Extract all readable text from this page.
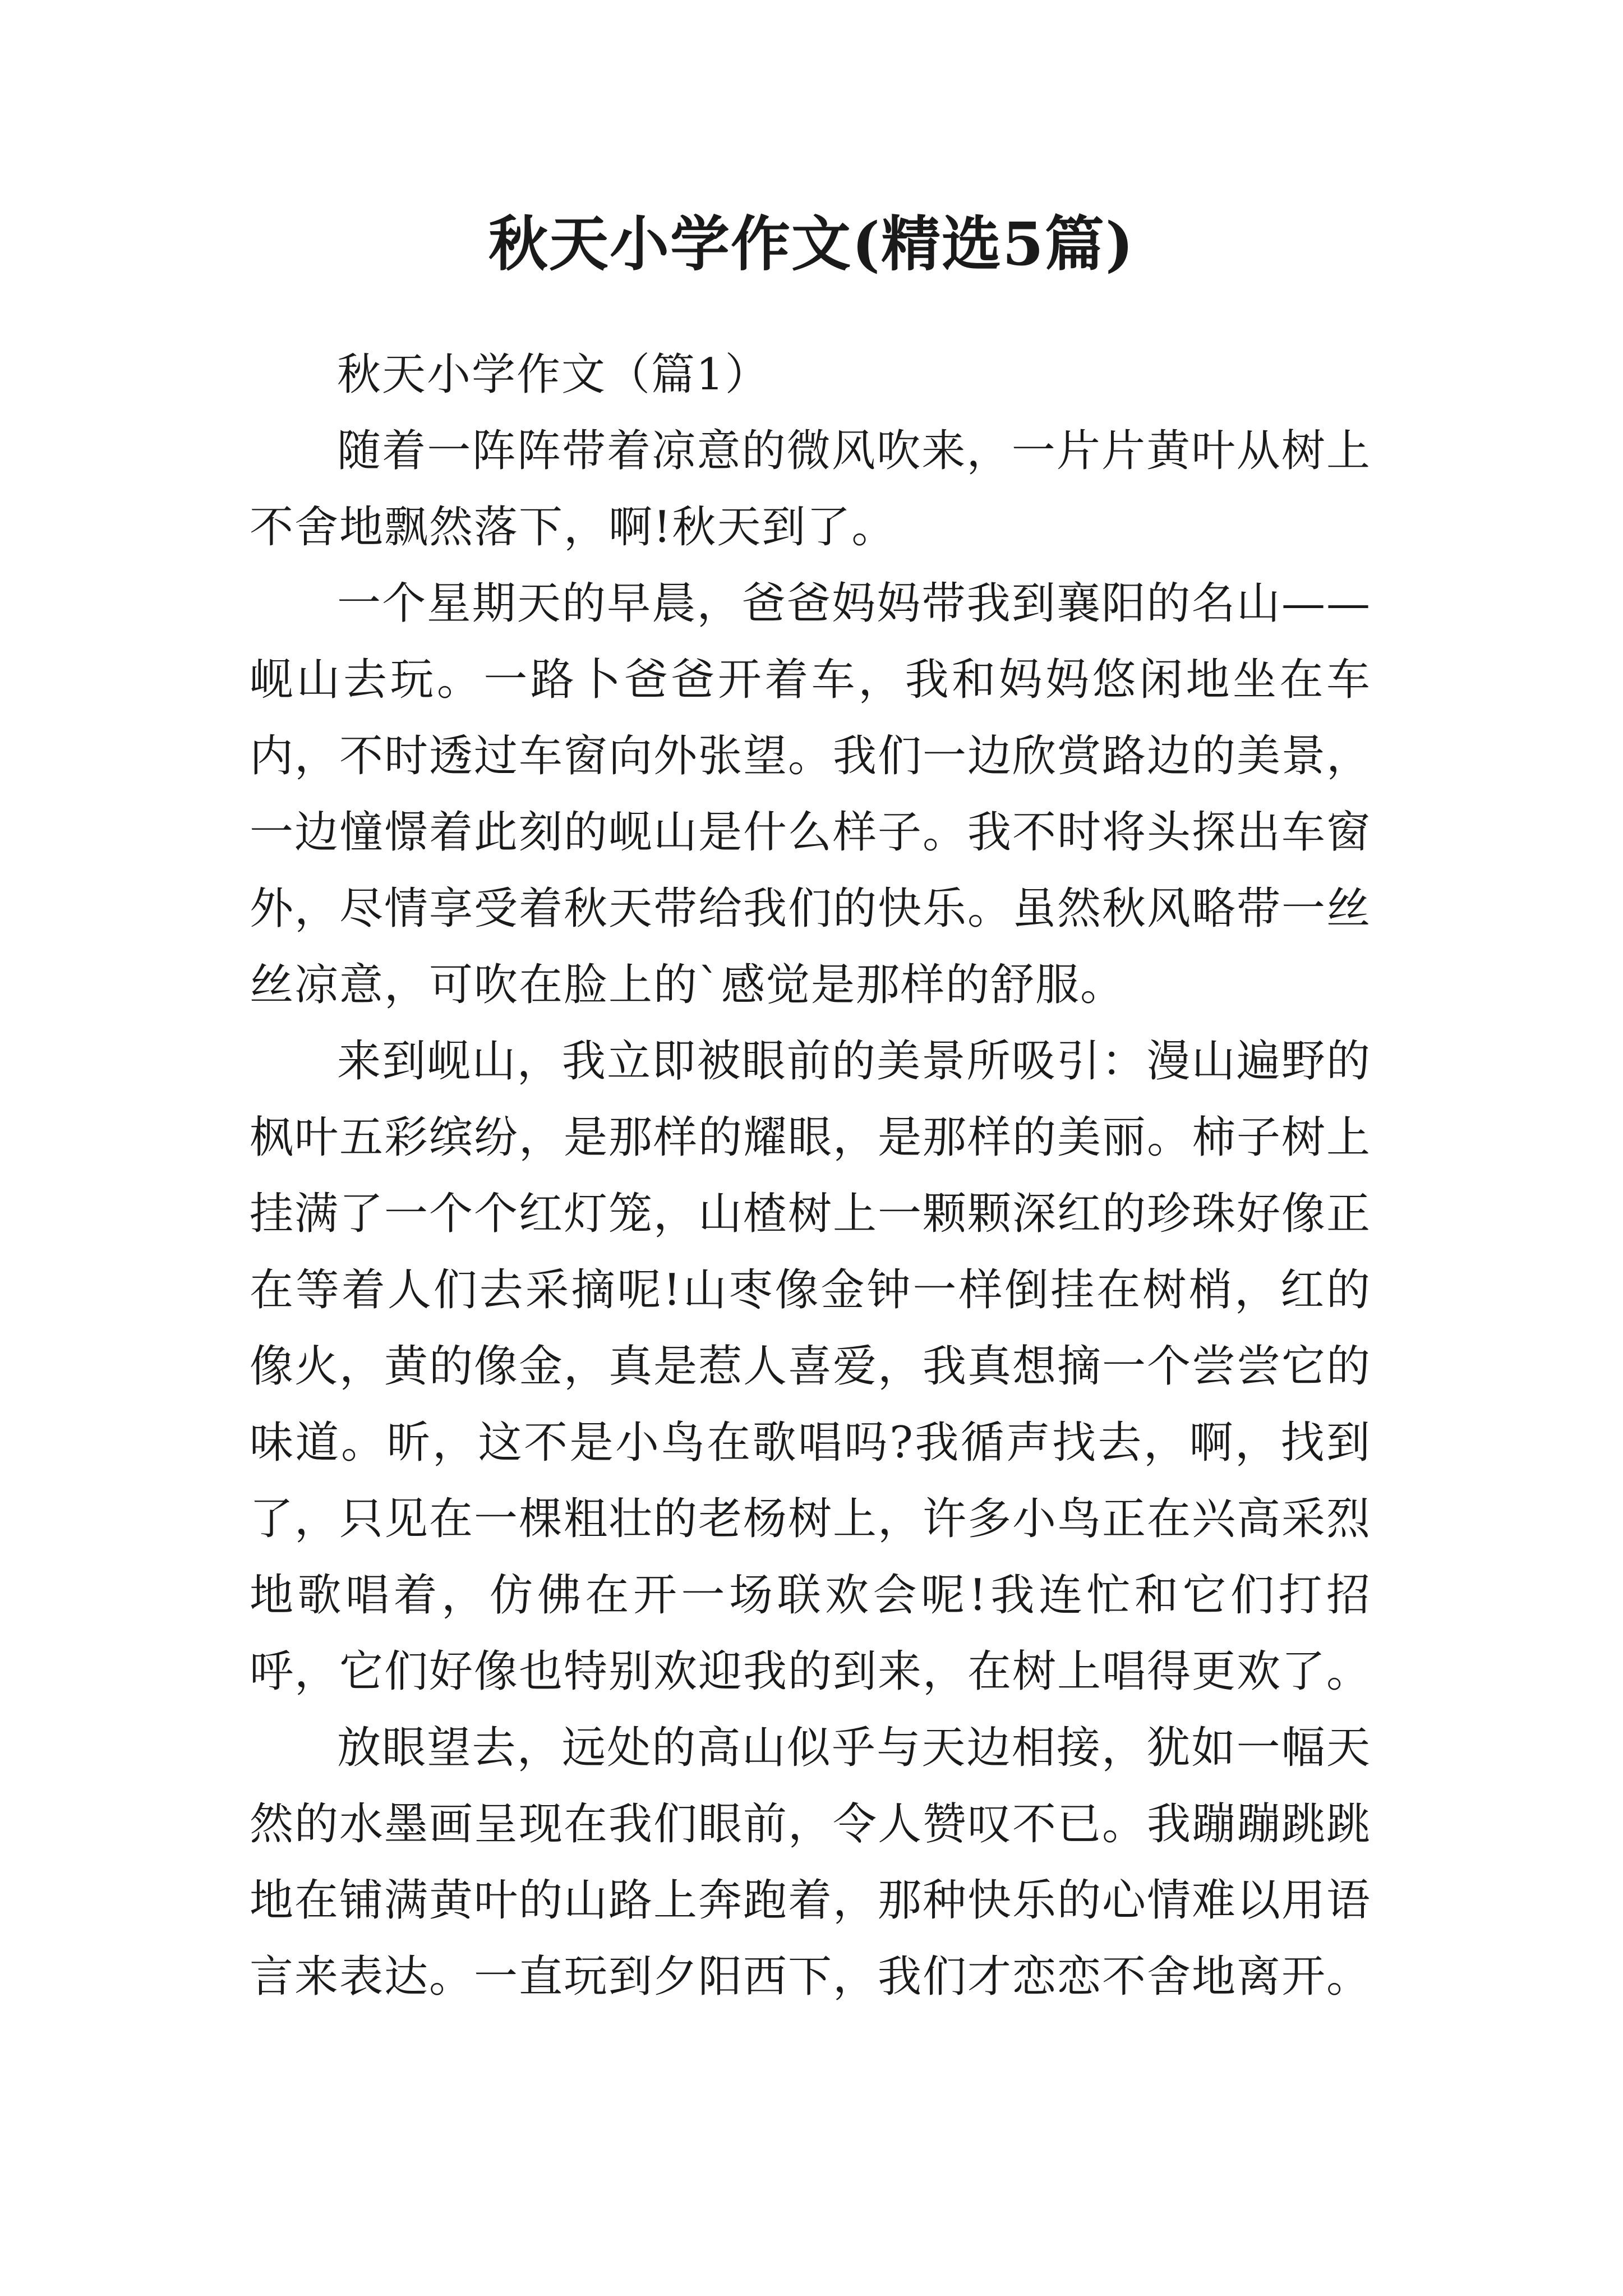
秋天小学作文(精选5篇)

秋天小学作文（篇1）

随着一阵阵带着凉意的微风吹来，一片片黄叶从树上不舍地飘然落下，啊!秋天到了。

一个星期天的早晨，爸爸妈妈带我到襄阳的名山——岘山去玩。一路卜爸爸开着车，我和妈妈悠闲地坐在车内，不时透过车窗向外张望。我们一边欣赏路边的美景，一边憧憬着此刻的岘山是什么样子。我不时将头探出车窗外，尽情享受着秋天带给我们的快乐。虽然秋风略带一丝丝凉意，可吹在脸上的`感觉是那样的舒服。

来到岘山，我立即被眼前的美景所吸引：漫山遍野的枫叶五彩缤纷，是那样的耀眼，是那样的美丽。柿子树上挂满了一个个红灯笼，山楂树上一颗颗深红的珍珠好像正在等着人们去采摘呢!山枣像金钟一样倒挂在树梢，红的像火，黄的像金，真是惹人喜爱，我真想摘一个尝尝它的味道。昕，这不是小鸟在歌唱吗?我循声找去，啊，找到了，只见在一棵粗壮的老杨树上，许多小鸟正在兴高采烈地歌唱着，仿佛在开一场联欢会呢!我连忙和它们打招呼，它们好像也特别欢迎我的到来，在树上唱得更欢了。

放眼望去，远处的高山似乎与天边相接，犹如一幅天然的水墨画呈现在我们眼前，令人赞叹不已。我蹦蹦跳跳地在铺满黄叶的山路上奔跑着，那种快乐的心情难以用语言来表达。一直玩到夕阳西下，我们才恋恋不舍地离开。
